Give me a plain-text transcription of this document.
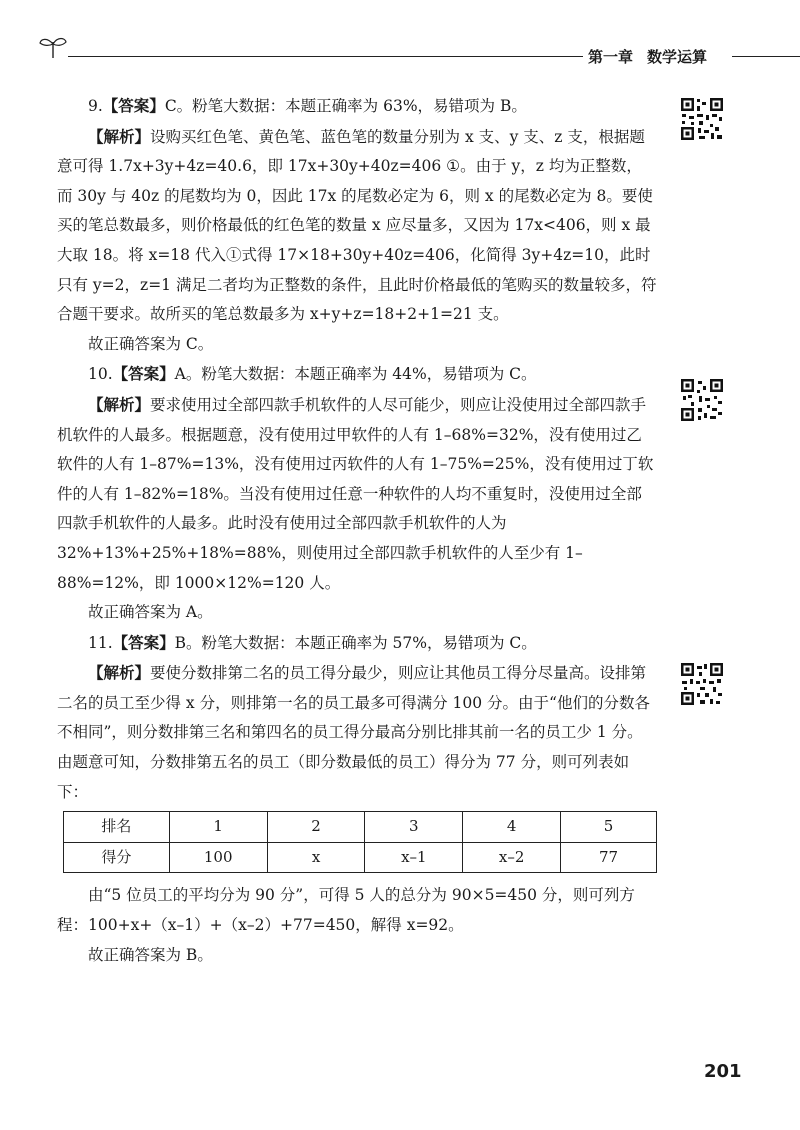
第一章 数学运算

9.【答案】C。粉笔大数据：本题正确率为 63%，易错项为 B。

【解析】设购买红色笔、黄色笔、蓝色笔的数量分别为 x 支、y 支、z 支，根据题意可得 1.7x+3y+4z=40.6，即 17x+30y+40z=406 ①。由于 y，z 均为正整数，而 30y 与 40z 的尾数均为 0，因此 17x 的尾数必定为 6，则 x 的尾数必定为 8。要使买的笔总数最多，则价格最低的红色笔的数量 x 应尽量多，又因为 17x<406，则 x 最大取 18。将 x=18 代入①式得 17×18+30y+40z=406，化简得 3y+4z=10，此时只有 y=2，z=1 满足二者均为正整数的条件，且此时价格最低的笔购买的数量较多，符合题干要求。故所买的笔总数最多为 x+y+z=18+2+1=21 支。

故正确答案为 C。

10.【答案】A。粉笔大数据：本题正确率为 44%，易错项为 C。

【解析】要求使用过全部四款手机软件的人尽可能少，则应让没使用过全部四款手机软件的人最多。根据题意，没有使用过甲软件的人有 1–68%=32%，没有使用过乙软件的人有 1–87%=13%，没有使用过丙软件的人有 1–75%=25%，没有使用过丁软件的人有 1–82%=18%。当没有使用过任意一种软件的人均不重复时，没使用过全部四款手机软件的人最多。此时没有使用过全部四款手机软件的人为 32%+13%+25%+18%=88%，则使用过全部四款手机软件的人至少有 1–88%=12%，即 1000×12%=120 人。

故正确答案为 A。

11.【答案】B。粉笔大数据：本题正确率为 57%，易错项为 C。

【解析】要使分数排第二名的员工得分最少，则应让其他员工得分尽量高。设排第二名的员工至少得 x 分，则排第一名的员工最多可得满分 100 分。由于“他们的分数各不相同”，则分数排第三名和第四名的员工得分最高分别比排其前一名的员工少 1 分。由题意可知，分数排第五名的员工（即分数最低的员工）得分为 77 分，则可列表如下：

排名	1	2	3	4	5
得分	100	x	x–1	x–2	77

由“5 位员工的平均分为 90 分”，可得 5 人的总分为 90×5=450 分，则可列方程：100+x+（x–1）+（x–2）+77=450，解得 x=92。

故正确答案为 B。

201
